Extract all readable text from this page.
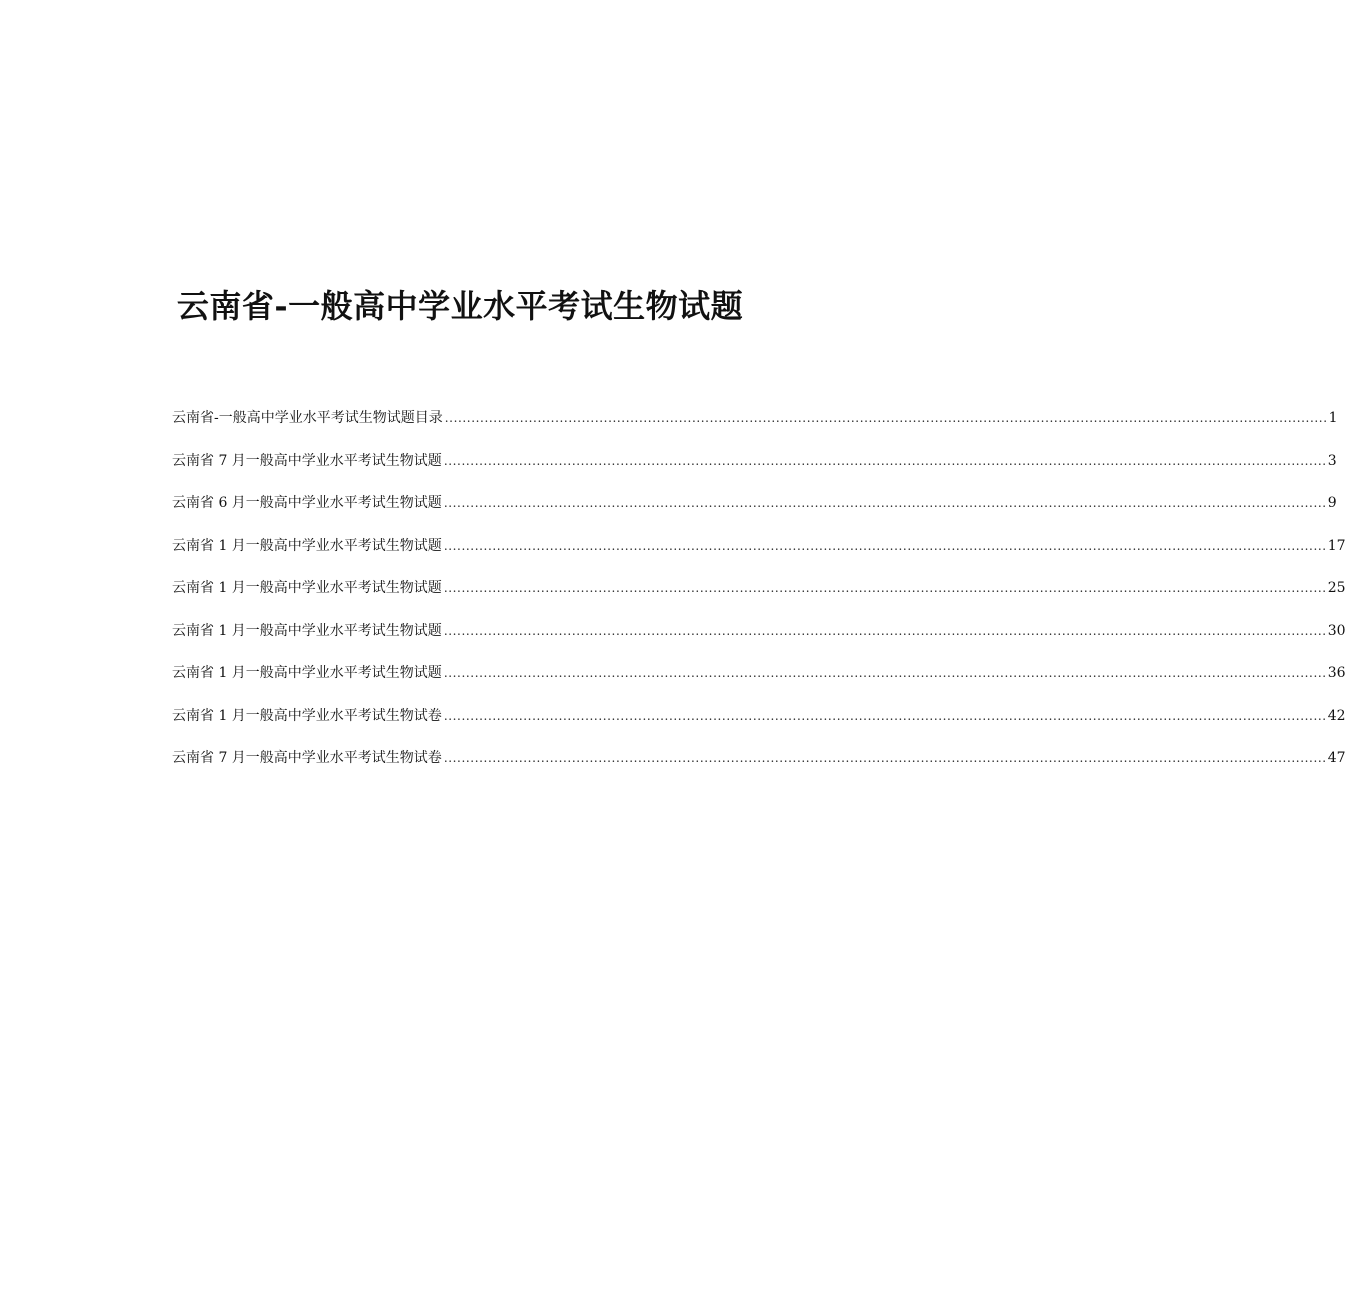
云南省-一般高中学业水平考试生物试题
云南省-一般高中学业水平考试生物试题目录 ........................................................................................................................................................................................................ 1
云南省 7 月一般高中学业水平考试生物试题 ........................................................................................................................................................................................................ 3
云南省 6 月一般高中学业水平考试生物试题 ........................................................................................................................................................................................................ 9
云南省 1 月一般高中学业水平考试生物试题 ........................................................................................................................................................................................................ 17
云南省 1 月一般高中学业水平考试生物试题 ........................................................................................................................................................................................................ 25
云南省 1 月一般高中学业水平考试生物试题 ........................................................................................................................................................................................................ 30
云南省 1 月一般高中学业水平考试生物试题 ........................................................................................................................................................................................................ 36
云南省 1 月一般高中学业水平考试生物试卷 ........................................................................................................................................................................................................ 42
云南省 7 月一般高中学业水平考试生物试卷 ........................................................................................................................................................................................................ 47
